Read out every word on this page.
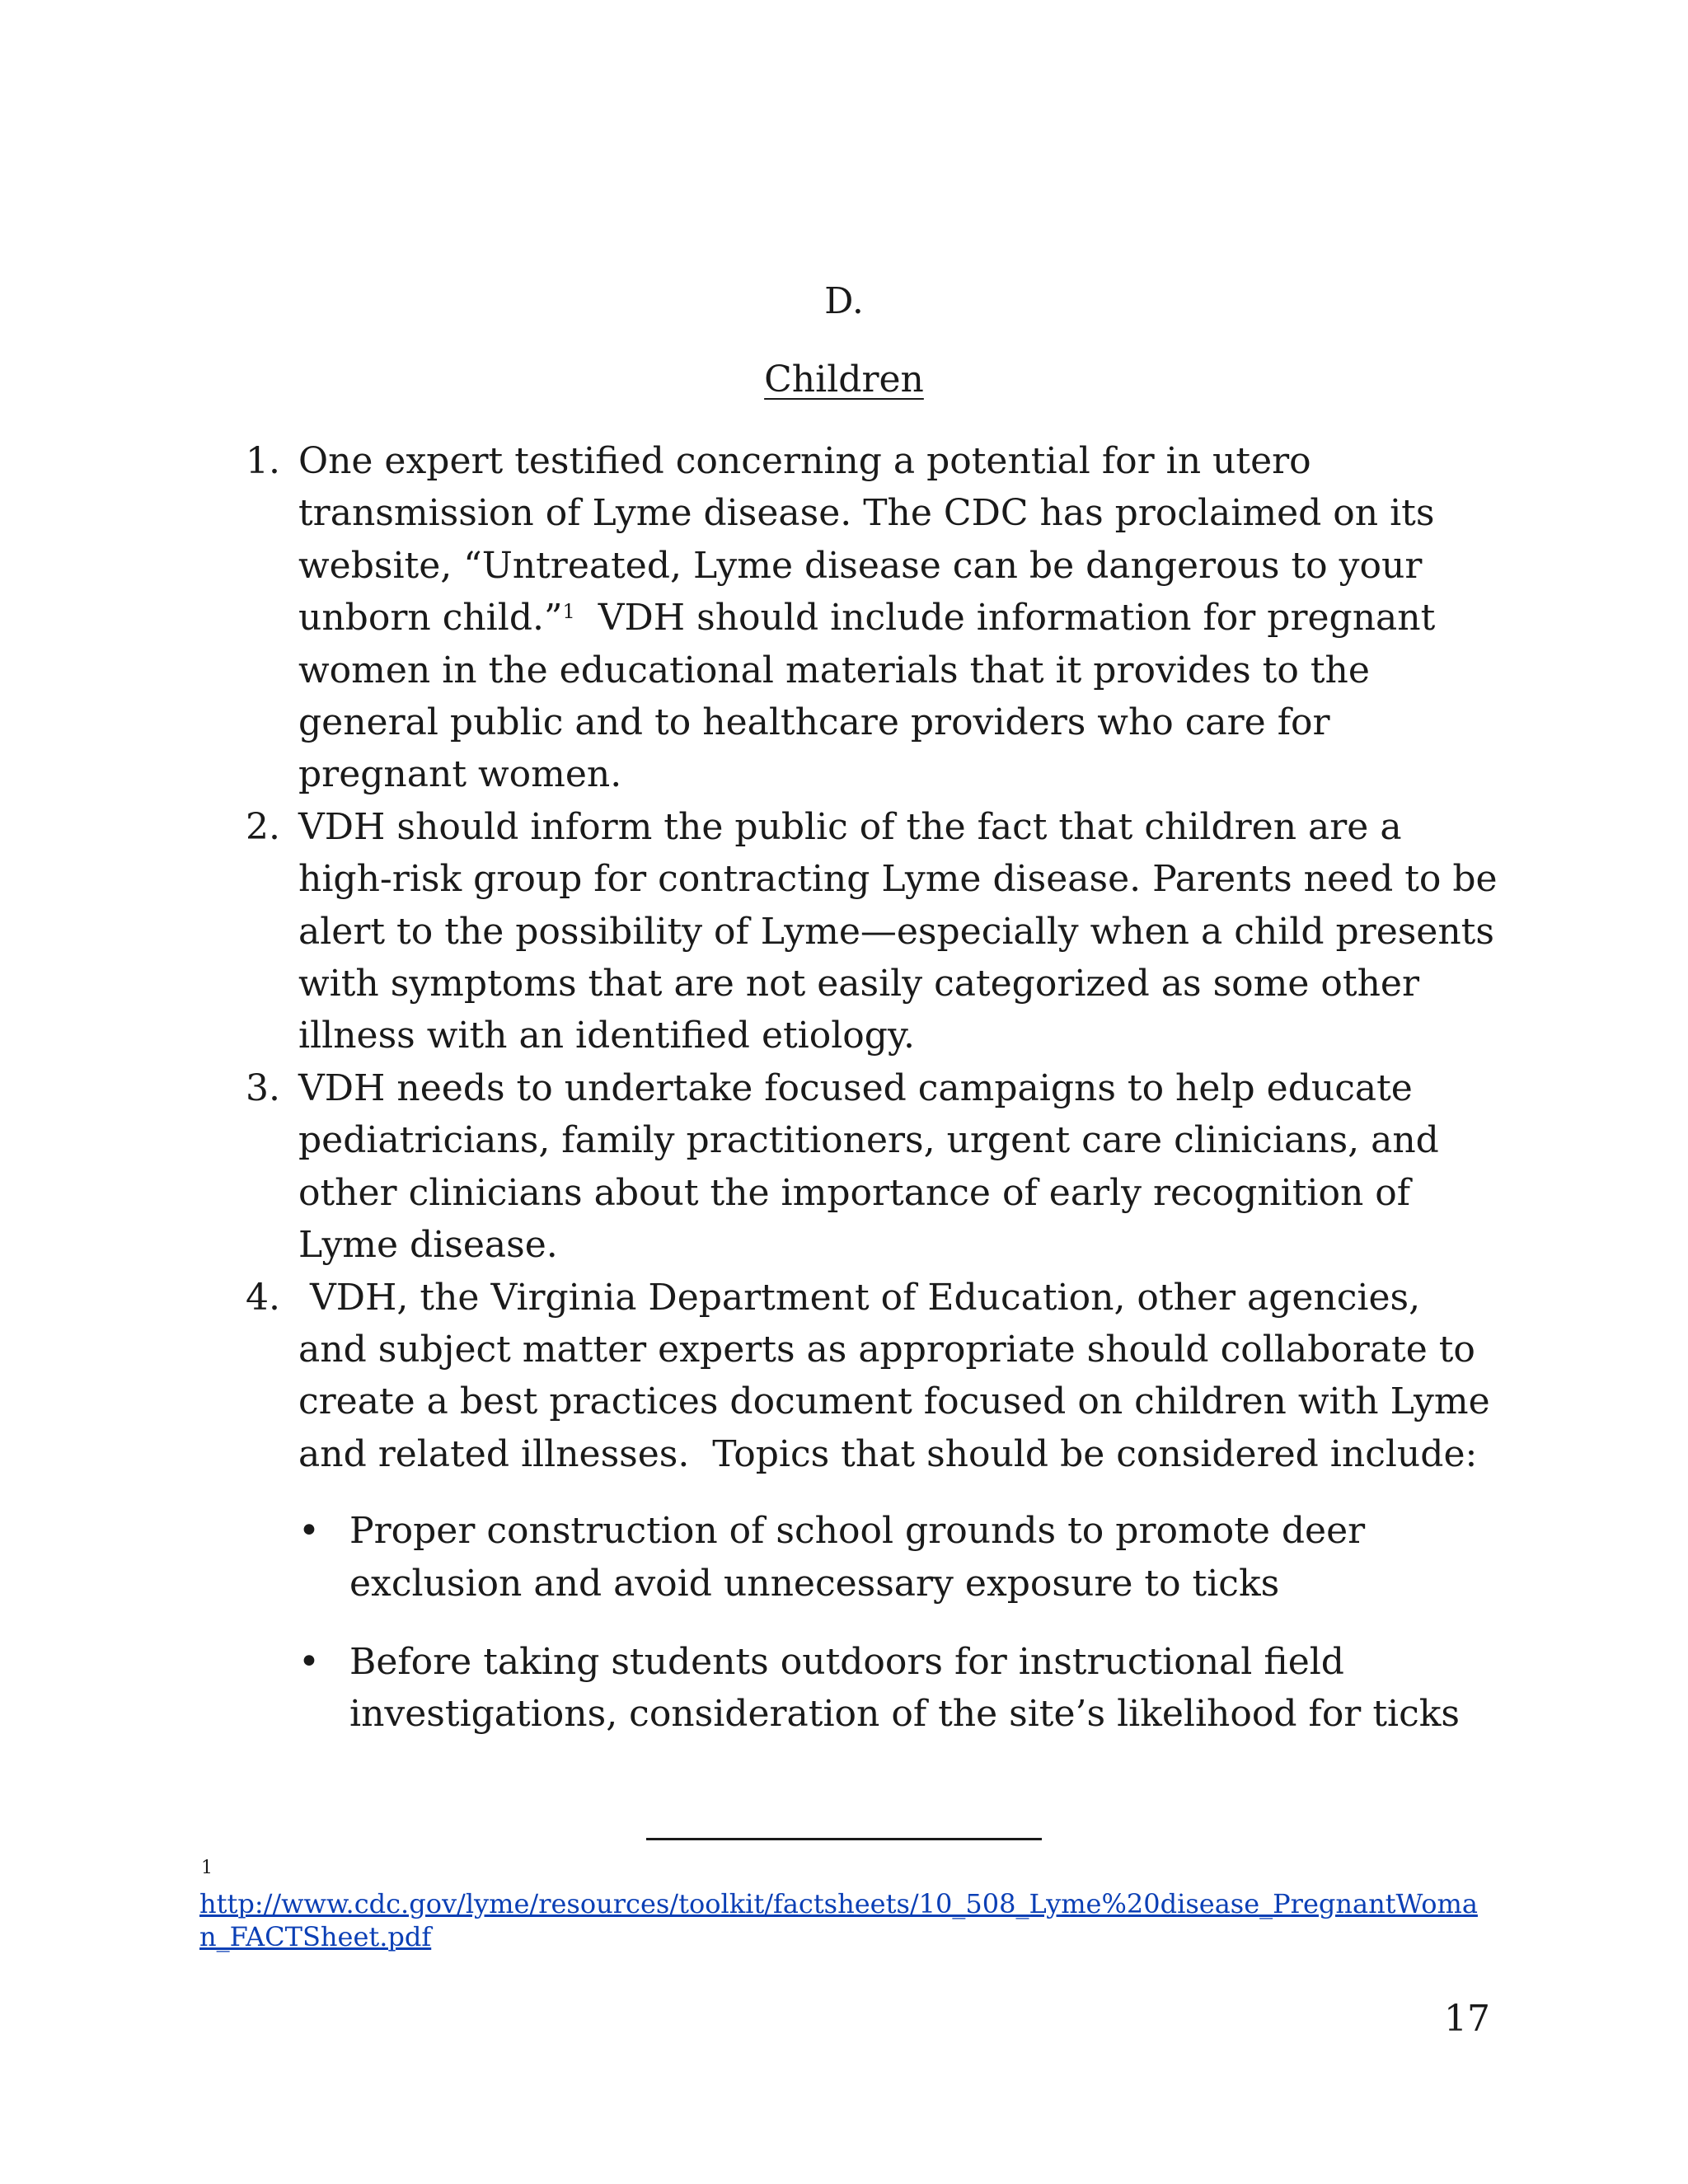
D.
Children
1. One expert testified concerning a potential for in utero transmission of Lyme disease. The CDC has proclaimed on its website, “Untreated, Lyme disease can be dangerous to your unborn child.”$^1$  VDH should include information for pregnant women in the educational materials that it provides to the general public and to healthcare providers who care for pregnant women.
2. VDH should inform the public of the fact that children are a high-risk group for contracting Lyme disease. Parents need to be alert to the possibility of Lyme—especially when a child presents with symptoms that are not easily categorized as some other illness with an identified etiology.
3. VDH needs to undertake focused campaigns to help educate pediatricians, family practitioners, urgent care clinicians, and other clinicians about the importance of early recognition of Lyme disease.
4. VDH, the Virginia Department of Education, other agencies, and subject matter experts as appropriate should collaborate to create a best practices document focused on children with Lyme and related illnesses.  Topics that should be considered include:
• Proper construction of school grounds to promote deer exclusion and avoid unnecessary exposure to ticks
• Before taking students outdoors for instructional field investigations, consideration of the site’s likelihood for ticks
1
http://www.cdc.gov/lyme/resources/toolkit/factsheets/10_508_Lyme%20disease_PregnantWoman_FACTSheet.pdf
17
